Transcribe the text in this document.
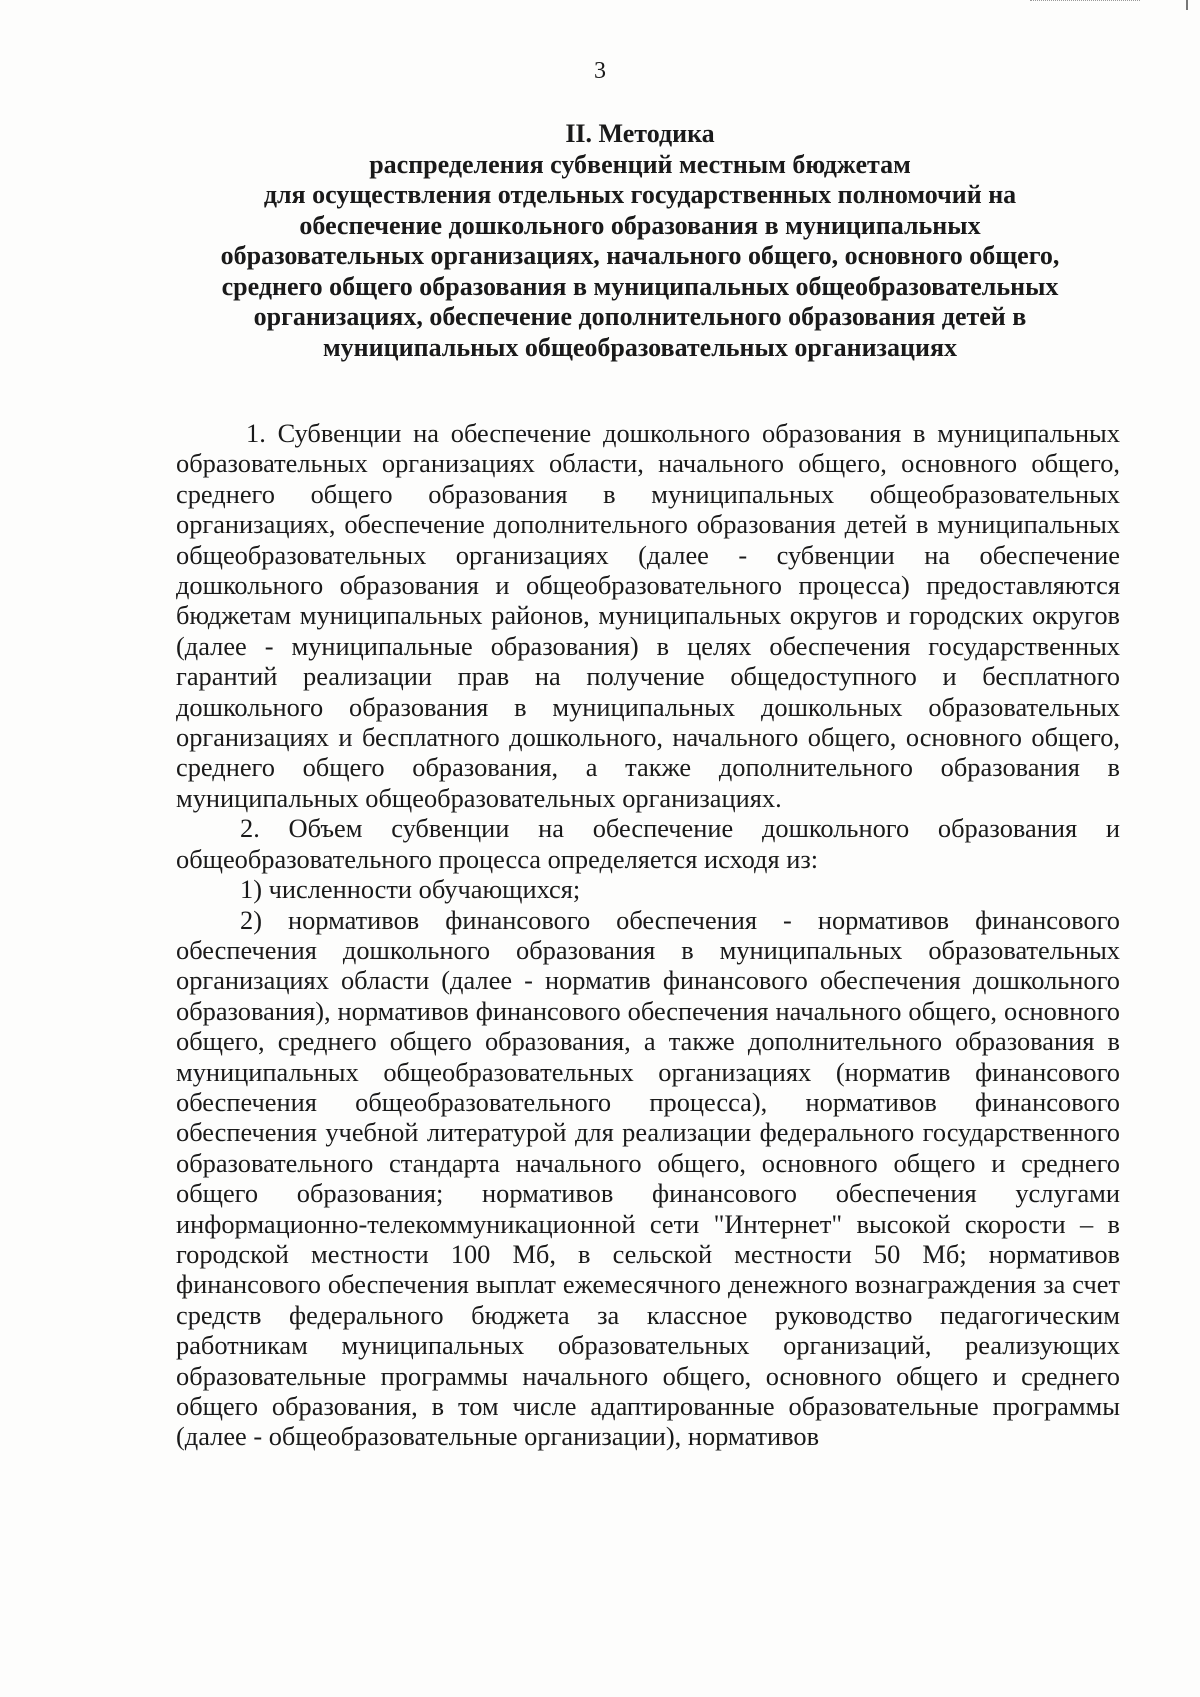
3
II. Методика
распределения субвенций местным бюджетам
для осуществления отдельных государственных полномочий на
обеспечение дошкольного образования в муниципальных
образовательных организациях, начального общего, основного общего,
среднего общего образования в муниципальных общеобразовательных
организациях, обеспечение дополнительного образования детей в
муниципальных общеобразовательных организациях

1. Субвенции на обеспечение дошкольного образования в муниципальных образовательных организациях области, начального общего, основного общего, среднего общего образования в муниципальных общеобразовательных организациях, обеспечение дополнительного образования детей в муниципальных общеобразовательных организациях (далее - субвенции на обеспечение дошкольного образования и общеобразовательного процесса) предоставляются бюджетам муниципальных районов, муниципальных округов и городских округов (далее - муниципальные образования) в целях обеспечения государственных гарантий реализации прав на получение общедоступного и бесплатного дошкольного образования в муниципальных дошкольных образовательных организациях и бесплатного дошкольного, начального общего, основного общего, среднего общего образования, а также дополнительного образования в муниципальных общеобразовательных организациях.

2. Объем субвенции на обеспечение дошкольного образования и общеобразовательного процесса определяется исходя из:

1) численности обучающихся;

2) нормативов финансового обеспечения - нормативов финансового обеспечения дошкольного образования в муниципальных образовательных организациях области (далее - норматив финансового обеспечения дошкольного образования), нормативов финансового обеспечения начального общего, основного общего, среднего общего образования, а также дополнительного образования в муниципальных общеобразовательных организациях (норматив финансового обеспечения общеобразовательного процесса), нормативов финансового обеспечения учебной литературой для реализации федерального государственного образовательного стандарта начального общего, основного общего и среднего общего образования; нормативов финансового обеспечения услугами информационно-телекоммуникационной сети "Интернет" высокой скорости – в городской местности 100 Мб, в сельской местности 50 Мб; нормативов финансового обеспечения выплат ежемесячного денежного вознаграждения за счет средств федерального бюджета за классное руководство педагогическим работникам муниципальных образовательных организаций, реализующих образовательные программы начального общего, основного общего и среднего общего образования, в том числе адаптированные образовательные программы (далее - общеобразовательные организации), нормативов
